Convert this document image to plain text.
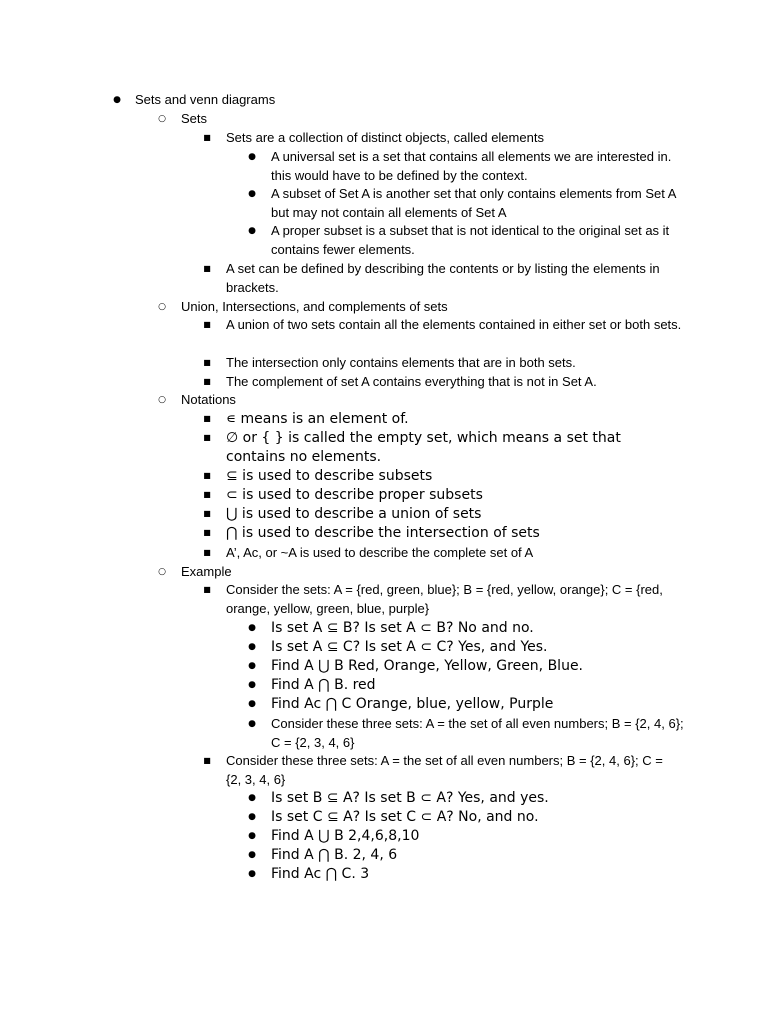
●
Sets and venn diagrams
○
Sets
■
Sets are a collection of distinct objects, called elements
●
A universal set is a set that contains all elements we are interested in. this would have to be defined by the context.
●
A subset of Set A is another set that only contains elements from Set A but may not contain all elements of Set A
●
A proper subset is a subset that is not identical to the original set as it contains fewer elements.
■
A set can be defined by describing the contents or by listing the elements in brackets.
○
Union, Intersections, and complements of sets
■
A union of two sets contain all the elements contained in either set or both sets.
■
The intersection only contains elements that are in both sets.
■
The complement of set A contains everything that is not in Set A.
○
Notations
■
∊ means is an element of.
■
∅ or { } is called the empty set, which means a set that contains no elements.
■
⊆ is used to describe subsets
■
⊂ is used to describe proper subsets
■
⋃ is used to describe a union of sets
■
⋂ is used to describe the intersection of sets
■
A’, Ac, or ~A is used to describe the complete set of A
○
Example
■
Consider the sets: A = {red, green, blue}; B = {red, yellow, orange}; C = {red, orange, yellow, green, blue, purple}
●
Is set A ⊆ B? Is set A ⊂ B? No and no.
●
Is set A ⊆ C? Is set A ⊂ C? Yes, and Yes.
●
Find A ⋃ B Red, Orange, Yellow, Green, Blue.
●
Find A ⋂ B. red
●
Find Ac ⋂ C Orange, blue, yellow, Purple
●
Consider these three sets: A = the set of all even numbers; B = {2, 4, 6}; C = {2, 3, 4, 6}
■
Consider these three sets: A = the set of all even numbers; B = {2, 4, 6}; C = {2, 3, 4, 6}
●
Is set B ⊆ A? Is set B ⊂ A? Yes, and yes.
●
Is set C ⊆ A? Is set C ⊂ A? No, and no.
●
Find A ⋃ B 2,4,6,8,10
●
Find A ⋂ B. 2, 4, 6
●
Find Ac ⋂ C. 3
